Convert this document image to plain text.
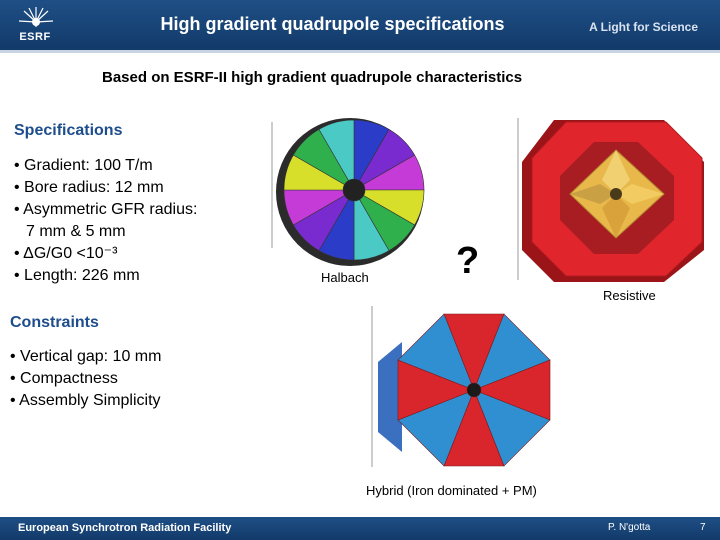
ESRF
High gradient quadrupole specifications	A Light for Science
Based on ESRF-II high gradient quadrupole characteristics
Specifications
• Gradient: 100 T/m
• Bore radius: 12 mm
• Asymmetric GFR radius:
7 mm & 5 mm
• ΔG/G0 <10⁻³
• Length: 226 mm
Constraints
• Vertical gap: 10 mm
• Compactness
• Assembly Simplicity
Halbach ?
Resistive
Hybrid (Iron dominated + PM)
European Synchrotron Radiation Facility	P. N'gotta	7
